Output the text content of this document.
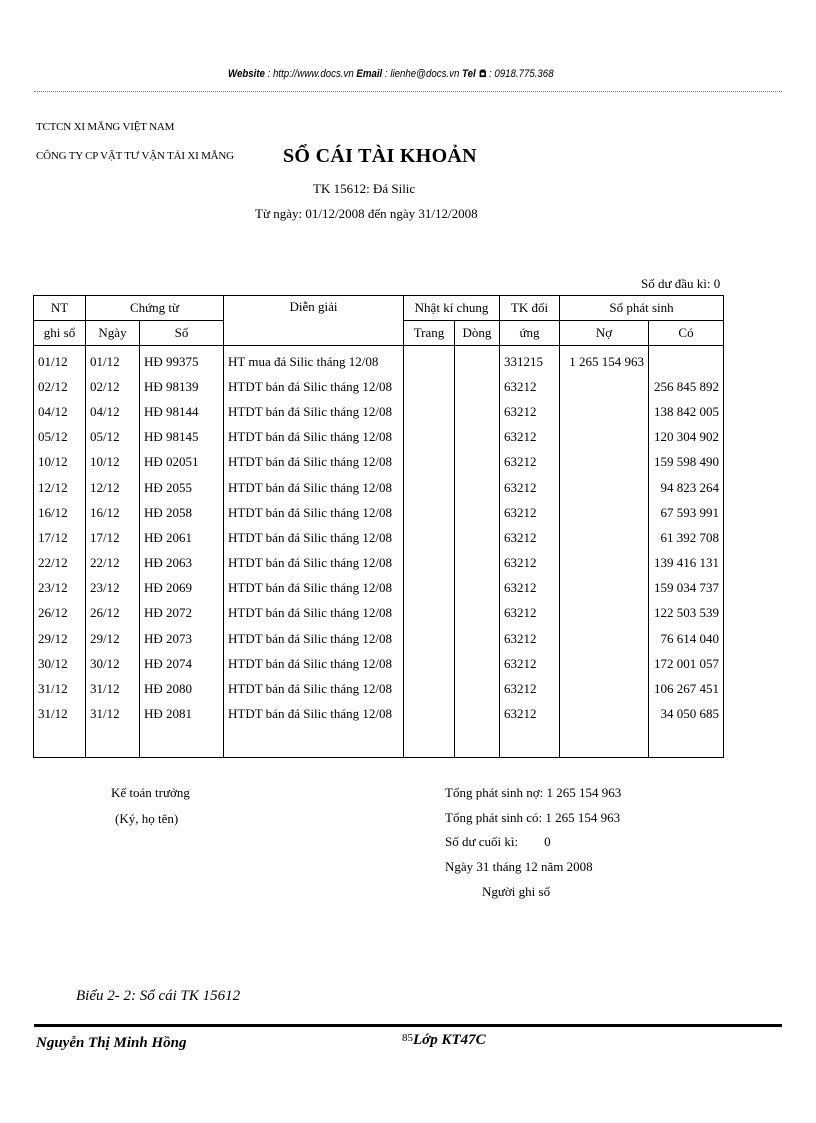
Website : http://www.docs.vn Email : lienhe@docs.vn Tel  : 0918.775.368
TCTCN XI MĂNG VIỆT NAM
CÔNG TY CP VẬT TƯ VẬN TẢI XI MĂNG SỔ CÁI TÀI KHOẢN
TK 15612: Đá Silic
Từ ngày: 01/12/2008 đến ngày 31/12/2008
Số dư đầu kì: 0
NT	Chứng từ		Diễn giải	Nhật kí chung		TK đối	Số phát sinh	
ghi sổ	Ngày	Số		Trang	Dòng	ứng	Nợ	Có
01/12	01/12	HĐ 99375	HT mua đá Silic tháng 12/08			331215	1 265 154 963	
02/12	02/12	HĐ 98139	HTDT bán đá Silic tháng 12/08			63212		256 845 892
04/12	04/12	HĐ 98144	HTDT bán đá Silic tháng 12/08			63212		138 842 005
05/12	05/12	HĐ 98145	HTDT bán đá Silic tháng 12/08			63212		120 304 902
10/12	10/12	HĐ 02051	HTDT bán đá Silic tháng 12/08			63212		159 598 490
12/12	12/12	HĐ 2055	HTDT bán đá Silic tháng 12/08			63212		94 823 264
16/12	16/12	HĐ 2058	HTDT bán đá Silic tháng 12/08			63212		67 593 991
17/12	17/12	HĐ 2061	HTDT bán đá Silic tháng 12/08			63212		61 392 708
22/12	22/12	HĐ 2063	HTDT bán đá Silic tháng 12/08			63212		139 416 131
23/12	23/12	HĐ 2069	HTDT bán đá Silic tháng 12/08			63212		159 034 737
26/12	26/12	HĐ 2072	HTDT bán đá Silic tháng 12/08			63212		122 503 539
29/12	29/12	HĐ 2073	HTDT bán đá Silic tháng 12/08			63212		76 614 040
30/12	30/12	HĐ 2074	HTDT bán đá Silic tháng 12/08			63212		172 001 057
31/12	31/12	HĐ 2080	HTDT bán đá Silic tháng 12/08			63212		106 267 451
31/12	31/12	HĐ 2081	HTDT bán đá Silic tháng 12/08			63212		34 050 685

Kế toán trưởng
(Ký, họ tên)
Tổng phát sinh nợ: 1 265 154 963
Tổng phát sinh có: 1 265 154 963
Số dư cuối kì:        0
Ngày 31 tháng 12 năm 2008
Người ghi sổ
Biểu 2- 2: Sổ cái TK 15612
Nguyễn Thị Minh Hồng	$^{85}$Lớp KT47C
